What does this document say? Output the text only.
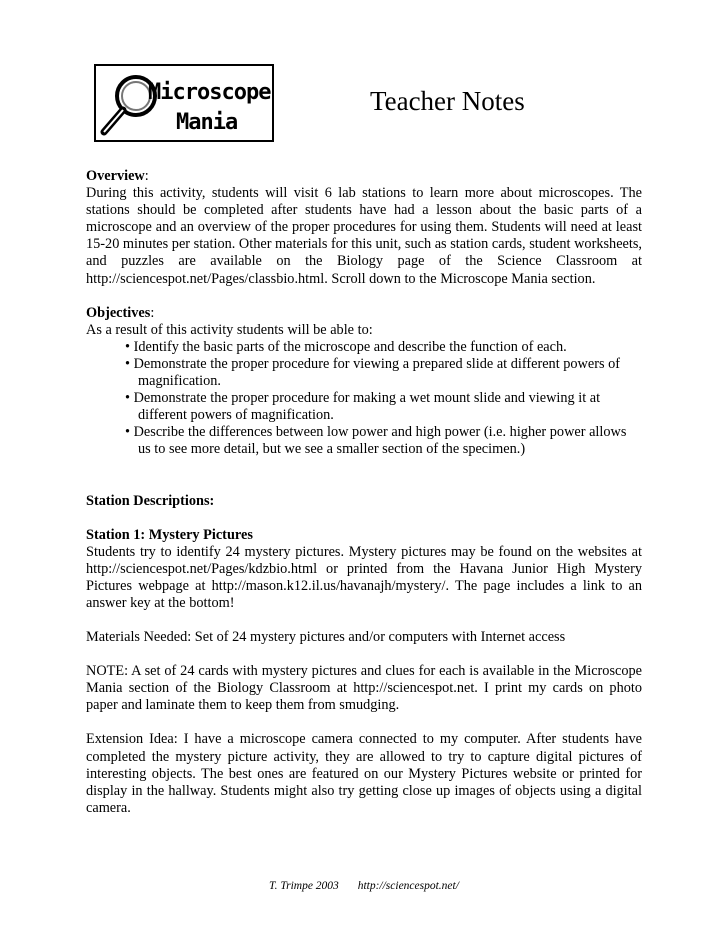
Microscope
Mania
Teacher Notes

Overview:
During this activity, students will visit 6 lab stations to learn more about microscopes. The stations should be completed after students have had a lesson about the basic parts of a microscope and an overview of the proper procedures for using them. Students will need at least 15-20 minutes per station. Other materials for this unit, such as station cards, student worksheets, and puzzles are available on the Biology page of the Science Classroom at http://sciencespot.net/Pages/classbio.html. Scroll down to the Microscope Mania section.

Objectives:

As a result of this activity students will be able to:

• Identify the basic parts of the microscope and describe the function of each.
• Demonstrate the proper procedure for viewing a prepared slide at different powers of
magnification.
• Demonstrate the proper procedure for making a wet mount slide and viewing it at
different powers of magnification.
• Describe the differences between low power and high power (i.e. higher power allows
us to see more detail, but we see a smaller section of the specimen.)

Station Descriptions:

Station 1: Mystery Pictures

Students try to identify 24 mystery pictures. Mystery pictures may be found on the websites at http://sciencespot.net/Pages/kdzbio.html or printed from the Havana Junior High Mystery Pictures webpage at http://mason.k12.il.us/havanajh/mystery/. The page includes a link to an answer key at the bottom!

Materials Needed: Set of 24 mystery pictures and/or computers with Internet access

NOTE: A set of 24 cards with mystery pictures and clues for each is available in the Microscope Mania section of the Biology Classroom at http://sciencespot.net. I print my cards on photo paper and laminate them to keep them from smudging.

Extension Idea: I have a microscope camera connected to my computer. After students have completed the mystery picture activity, they are allowed to try to capture digital pictures of interesting objects. The best ones are featured on our Mystery Pictures website or printed for display in the hallway. Students might also try getting close up images of objects using a digital camera.

T. Trimpe 2003 http://sciencespot.net/
